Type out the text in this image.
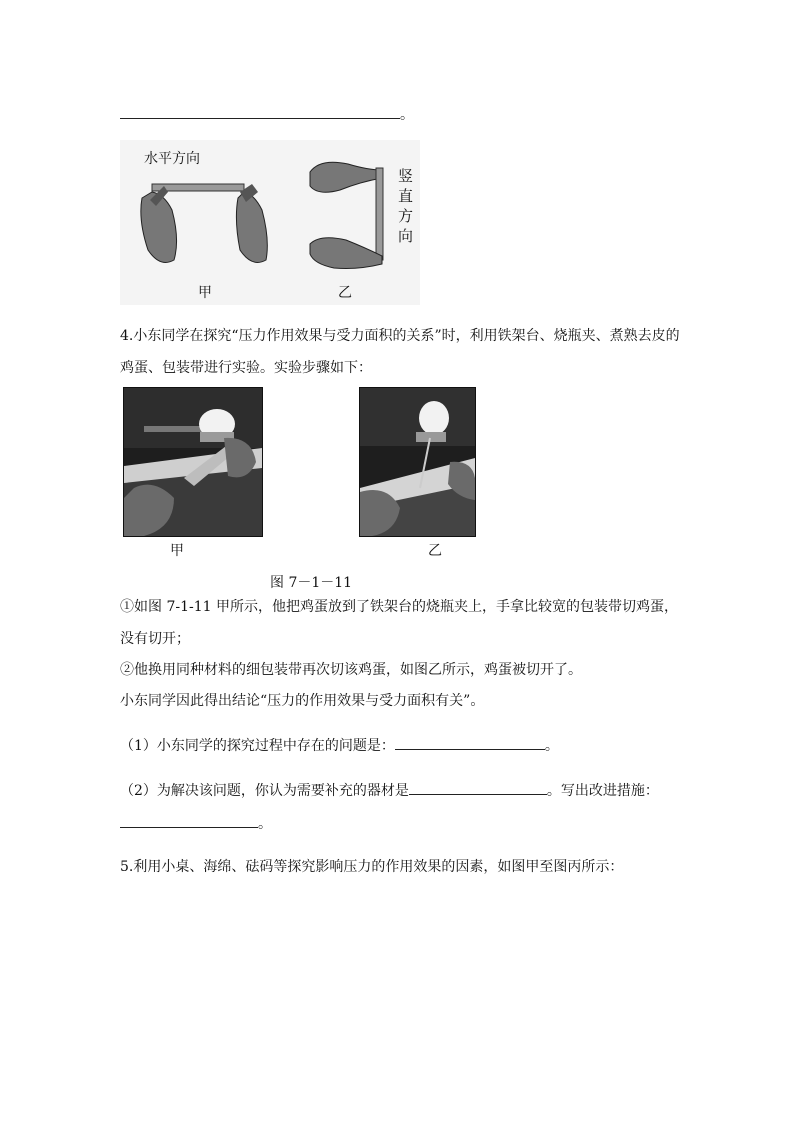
。
水平方向
竖
直
方
向
甲	乙
4.小东同学在探究“压力作用效果与受力面积的关系”时，利用铁架台、烧瓶夹、煮熟去皮的
鸡蛋、包装带进行实验。实验步骤如下：
甲	乙
图 7－1－11
①如图 7-1-11 甲所示，他把鸡蛋放到了铁架台的烧瓶夹上，手拿比较宽的包装带切鸡蛋，
没有切开；
②他换用同种材料的细包装带再次切该鸡蛋，如图乙所示，鸡蛋被切开了。
小东同学因此得出结论“压力的作用效果与受力面积有关”。
（1）小东同学的探究过程中存在的问题是：	。
（2）为解决该问题，你认为需要补充的器材是	。写出改进措施：
。
5.利用小桌、海绵、砝码等探究影响压力的作用效果的因素，如图甲至图丙所示：
